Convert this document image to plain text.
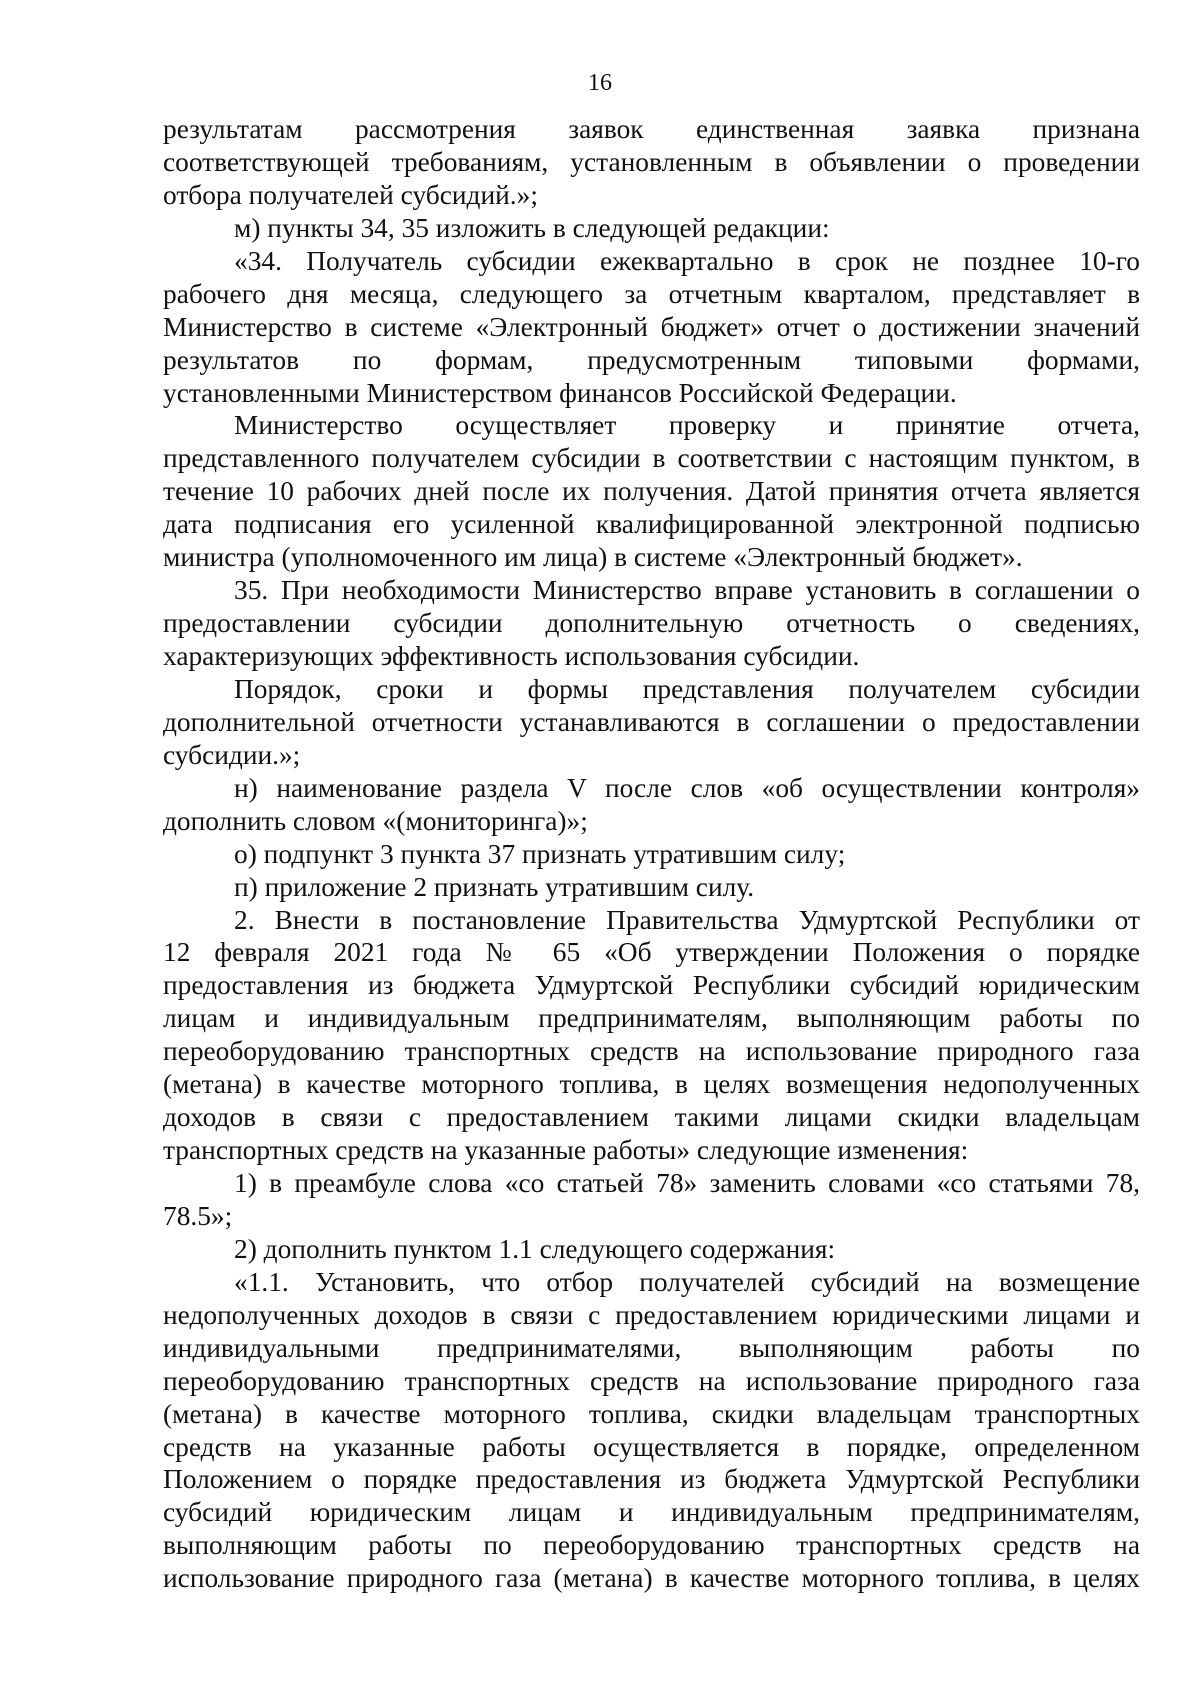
16
результатам рассмотрения заявок единственная заявка признана
соответствующей требованиям, установленным в объявлении о проведении
отбора получателей субсидий.»;
м) пункты 34, 35 изложить в следующей редакции:
«34. Получатель субсидии ежеквартально в срок не позднее 10-го
рабочего дня месяца, следующего за отчетным кварталом, представляет в
Министерство в системе «Электронный бюджет» отчет о достижении значений
результатов по формам, предусмотренным типовыми формами,
установленными Министерством финансов Российской Федерации.
Министерство осуществляет проверку и принятие отчета,
представленного получателем субсидии в соответствии с настоящим пунктом, в
течение 10 рабочих дней после их получения. Датой принятия отчета является
дата подписания его усиленной квалифицированной электронной подписью
министра (уполномоченного им лица) в системе «Электронный бюджет».
35. При необходимости Министерство вправе установить в соглашении о
предоставлении субсидии дополнительную отчетность о сведениях,
характеризующих эффективность использования субсидии.
Порядок, сроки и формы представления получателем субсидии
дополнительной отчетности устанавливаются в соглашении о предоставлении
субсидии.»;
н) наименование раздела V после слов «об осуществлении контроля»
дополнить словом «(мониторинга)»;
о) подпункт 3 пункта 37 признать утратившим силу;
п) приложение 2 признать утратившим силу.
2. Внести в постановление Правительства Удмуртской Республики от
12 февраля 2021 года № 65 «Об утверждении Положения о порядке
предоставления из бюджета Удмуртской Республики субсидий юридическим
лицам и индивидуальным предпринимателям, выполняющим работы по
переоборудованию транспортных средств на использование природного газа
(метана) в качестве моторного топлива, в целях возмещения недополученных
доходов в связи с предоставлением такими лицами скидки владельцам
транспортных средств на указанные работы» следующие изменения:
1) в преамбуле слова «со статьей 78» заменить словами «со статьями 78,
78.5»;
2) дополнить пунктом 1.1 следующего содержания:
«1.1. Установить, что отбор получателей субсидий на возмещение
недополученных доходов в связи с предоставлением юридическими лицами и
индивидуальными предпринимателями, выполняющим работы по
переоборудованию транспортных средств на использование природного газа
(метана) в качестве моторного топлива, скидки владельцам транспортных
средств на указанные работы осуществляется в порядке, определенном
Положением о порядке предоставления из бюджета Удмуртской Республики
субсидий юридическим лицам и индивидуальным предпринимателям,
выполняющим работы по переоборудованию транспортных средств на
использование природного газа (метана) в качестве моторного топлива, в целях
